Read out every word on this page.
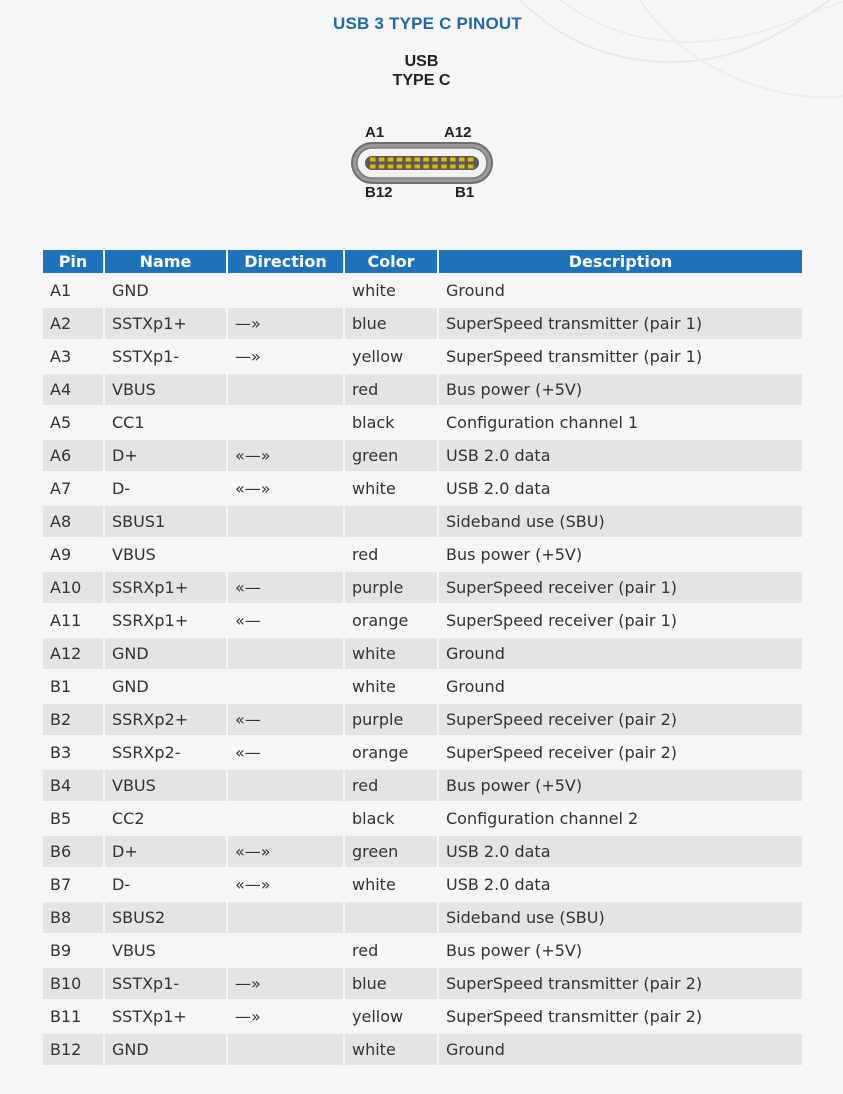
USB 3 TYPE C PINOUT
USB
TYPE C
A1	A12
B12	B1
Pin	Name	Direction	Color	Description
A1	GND		white	Ground
A2	SSTXp1+	—»	blue	SuperSpeed transmitter (pair 1)
A3	SSTXp1-	—»	yellow	SuperSpeed transmitter (pair 1)
A4	VBUS		red	Bus power (+5V)
A5	CC1		black	Configuration channel 1
A6	D+	«—»	green	USB 2.0 data
A7	D-	«—»	white	USB 2.0 data
A8	SBUS1			Sideband use (SBU)
A9	VBUS		red	Bus power (+5V)
A10	SSRXp1+	«—	purple	SuperSpeed receiver (pair 1)
A11	SSRXp1+	«—	orange	SuperSpeed receiver (pair 1)
A12	GND		white	Ground
B1	GND		white	Ground
B2	SSRXp2+	«—	purple	SuperSpeed receiver (pair 2)
B3	SSRXp2-	«—	orange	SuperSpeed receiver (pair 2)
B4	VBUS		red	Bus power (+5V)
B5	CC2		black	Configuration channel 2
B6	D+	«—»	green	USB 2.0 data
B7	D-	«—»	white	USB 2.0 data
B8	SBUS2			Sideband use (SBU)
B9	VBUS		red	Bus power (+5V)
B10	SSTXp1-	—»	blue	SuperSpeed transmitter (pair 2)
B11	SSTXp1+	—»	yellow	SuperSpeed transmitter (pair 2)
B12	GND		white	Ground
